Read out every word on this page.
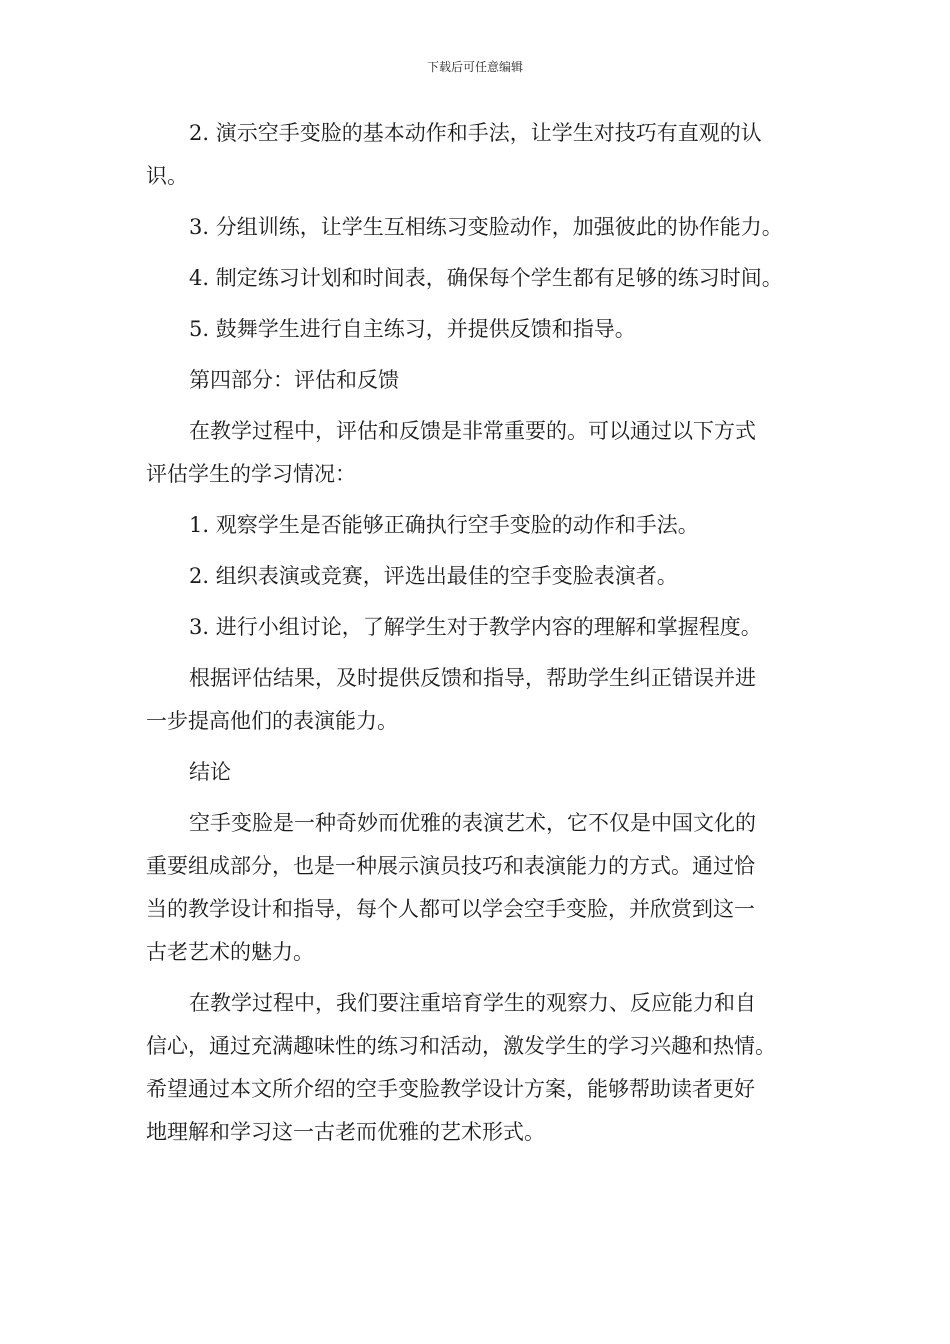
下载后可任意编辑

2. 演示空手变脸的基本动作和手法，让学生对技巧有直观的认

识。

3. 分组训练，让学生互相练习变脸动作，加强彼此的协作能力。

4. 制定练习计划和时间表，确保每个学生都有足够的练习时间。

5. 鼓舞学生进行自主练习，并提供反馈和指导。

第四部分：评估和反馈

在教学过程中，评估和反馈是非常重要的。可以通过以下方式

评估学生的学习情况：

1. 观察学生是否能够正确执行空手变脸的动作和手法。

2. 组织表演或竞赛，评选出最佳的空手变脸表演者。

3. 进行小组讨论，了解学生对于教学内容的理解和掌握程度。

根据评估结果，及时提供反馈和指导，帮助学生纠正错误并进

一步提高他们的表演能力。

结论

空手变脸是一种奇妙而优雅的表演艺术，它不仅是中国文化的

重要组成部分，也是一种展示演员技巧和表演能力的方式。通过恰

当的教学设计和指导，每个人都可以学会空手变脸，并欣赏到这一

古老艺术的魅力。

在教学过程中，我们要注重培育学生的观察力、反应能力和自

信心，通过充满趣味性的练习和活动，激发学生的学习兴趣和热情。

希望通过本文所介绍的空手变脸教学设计方案，能够帮助读者更好

地理解和学习这一古老而优雅的艺术形式。
